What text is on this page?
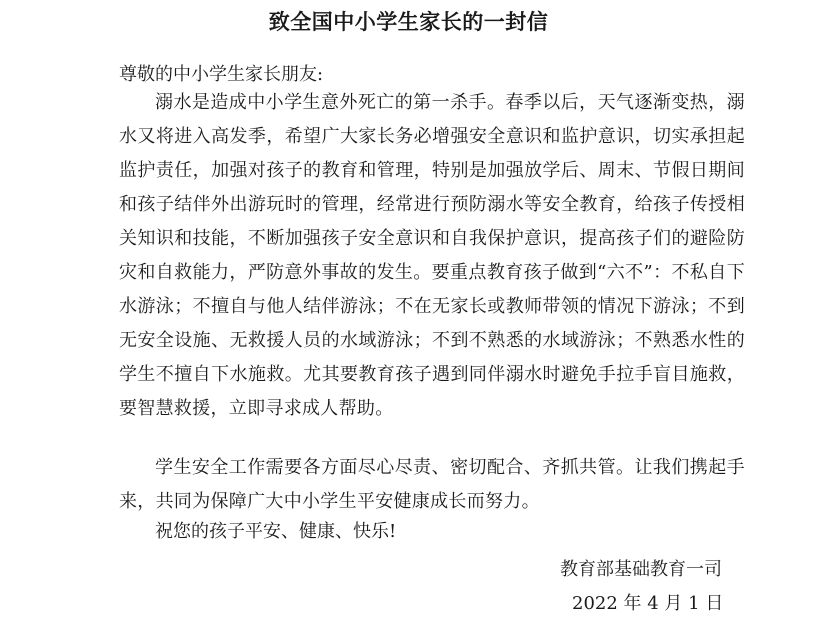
致全国中小学生家长的一封信
尊敬的中小学生家长朋友:
溺水是造成中小学生意外死亡的第一杀手。春季以后，天气逐渐变热，溺水又将进入高发季，希望广大家长务必增强安全意识和监护意识，切实承担起监护责任，加强对孩子的教育和管理，特别是加强放学后、周末、节假日期间和孩子结伴外出游玩时的管理，经常进行预防溺水等安全教育，给孩子传授相关知识和技能，不断加强孩子安全意识和自我保护意识，提高孩子们的避险防灾和自救能力，严防意外事故的发生。要重点教育孩子做到“六不”：不私自下水游泳；不擅自与他人结伴游泳；不在无家长或教师带领的情况下游泳；不到无安全设施、无救援人员的水域游泳；不到不熟悉的水域游泳；不熟悉水性的学生不擅自下水施救。尤其要教育孩子遇到同伴溺水时避免手拉手盲目施救，要智慧救援，立即寻求成人帮助。
学生安全工作需要各方面尽心尽责、密切配合、齐抓共管。让我们携起手来，共同为保障广大中小学生平安健康成长而努力。
祝您的孩子平安、健康、快乐!
教育部基础教育一司
2022 年 4 月 1 日
